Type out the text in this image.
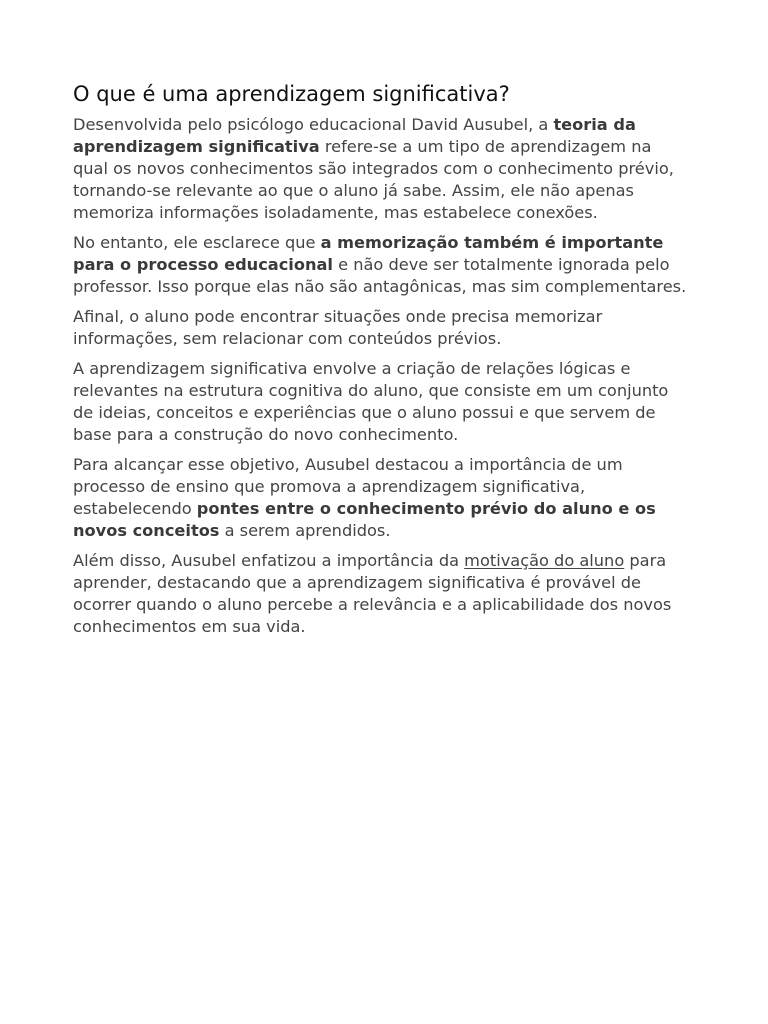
O que é uma aprendizagem significativa?

Desenvolvida pelo psicólogo educacional David Ausubel, a teoria da aprendizagem significativa refere-se a um tipo de aprendizagem na qual os novos conhecimentos são integrados com o conhecimento prévio, tornando-se relevante ao que o aluno já sabe. Assim, ele não apenas memoriza informações isoladamente, mas estabelece conexões.

No entanto, ele esclarece que a memorização também é importante para o processo educacional e não deve ser totalmente ignorada pelo professor. Isso porque elas não são antagônicas, mas sim complementares.

Afinal, o aluno pode encontrar situações onde precisa memorizar informações, sem relacionar com conteúdos prévios.

A aprendizagem significativa envolve a criação de relações lógicas e relevantes na estrutura cognitiva do aluno, que consiste em um conjunto de ideias, conceitos e experiências que o aluno possui e que servem de base para a construção do novo conhecimento.

Para alcançar esse objetivo, Ausubel destacou a importância de um processo de ensino que promova a aprendizagem significativa, estabelecendo pontes entre o conhecimento prévio do aluno e os novos conceitos a serem aprendidos.

Além disso, Ausubel enfatizou a importância da motivação do aluno para aprender, destacando que a aprendizagem significativa é provável de ocorrer quando o aluno percebe a relevância e a aplicabilidade dos novos conhecimentos em sua vida.
